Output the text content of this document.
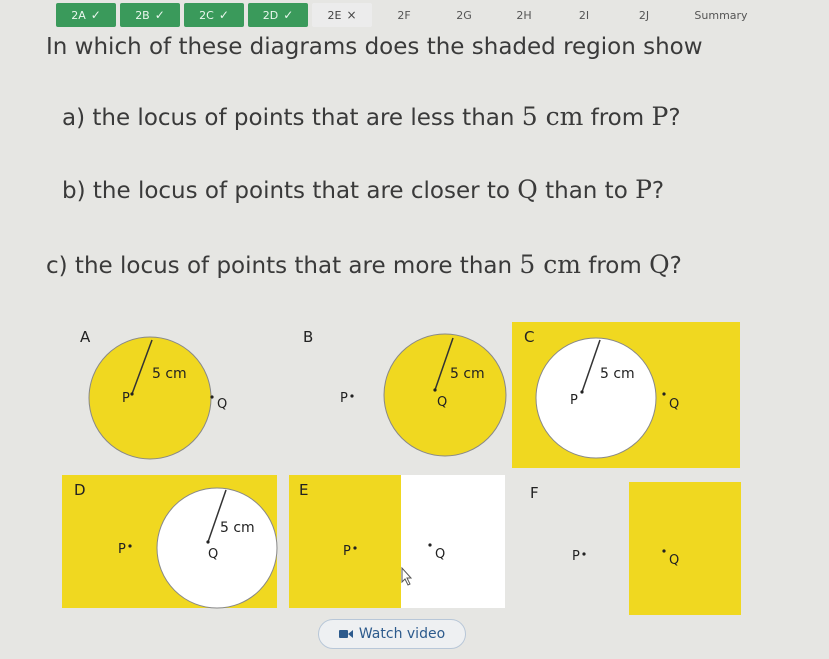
2A ✓	2B ✓	2C ✓	2D ✓	2E ×	2F	2G	2H	2I	2J	Summary
In which of these diagrams does the shaded region show
a) the locus of points that are less than 5 cm from P?
b) the locus of points that are closer to Q than to P?
c) the locus of points that are more than 5 cm from Q?
A
5 cm
P	Q
B
5 cm
P	Q
C
5 cm
P	Q
D
5 cm
P	Q
E
P	Q
F
P	Q
Watch video
